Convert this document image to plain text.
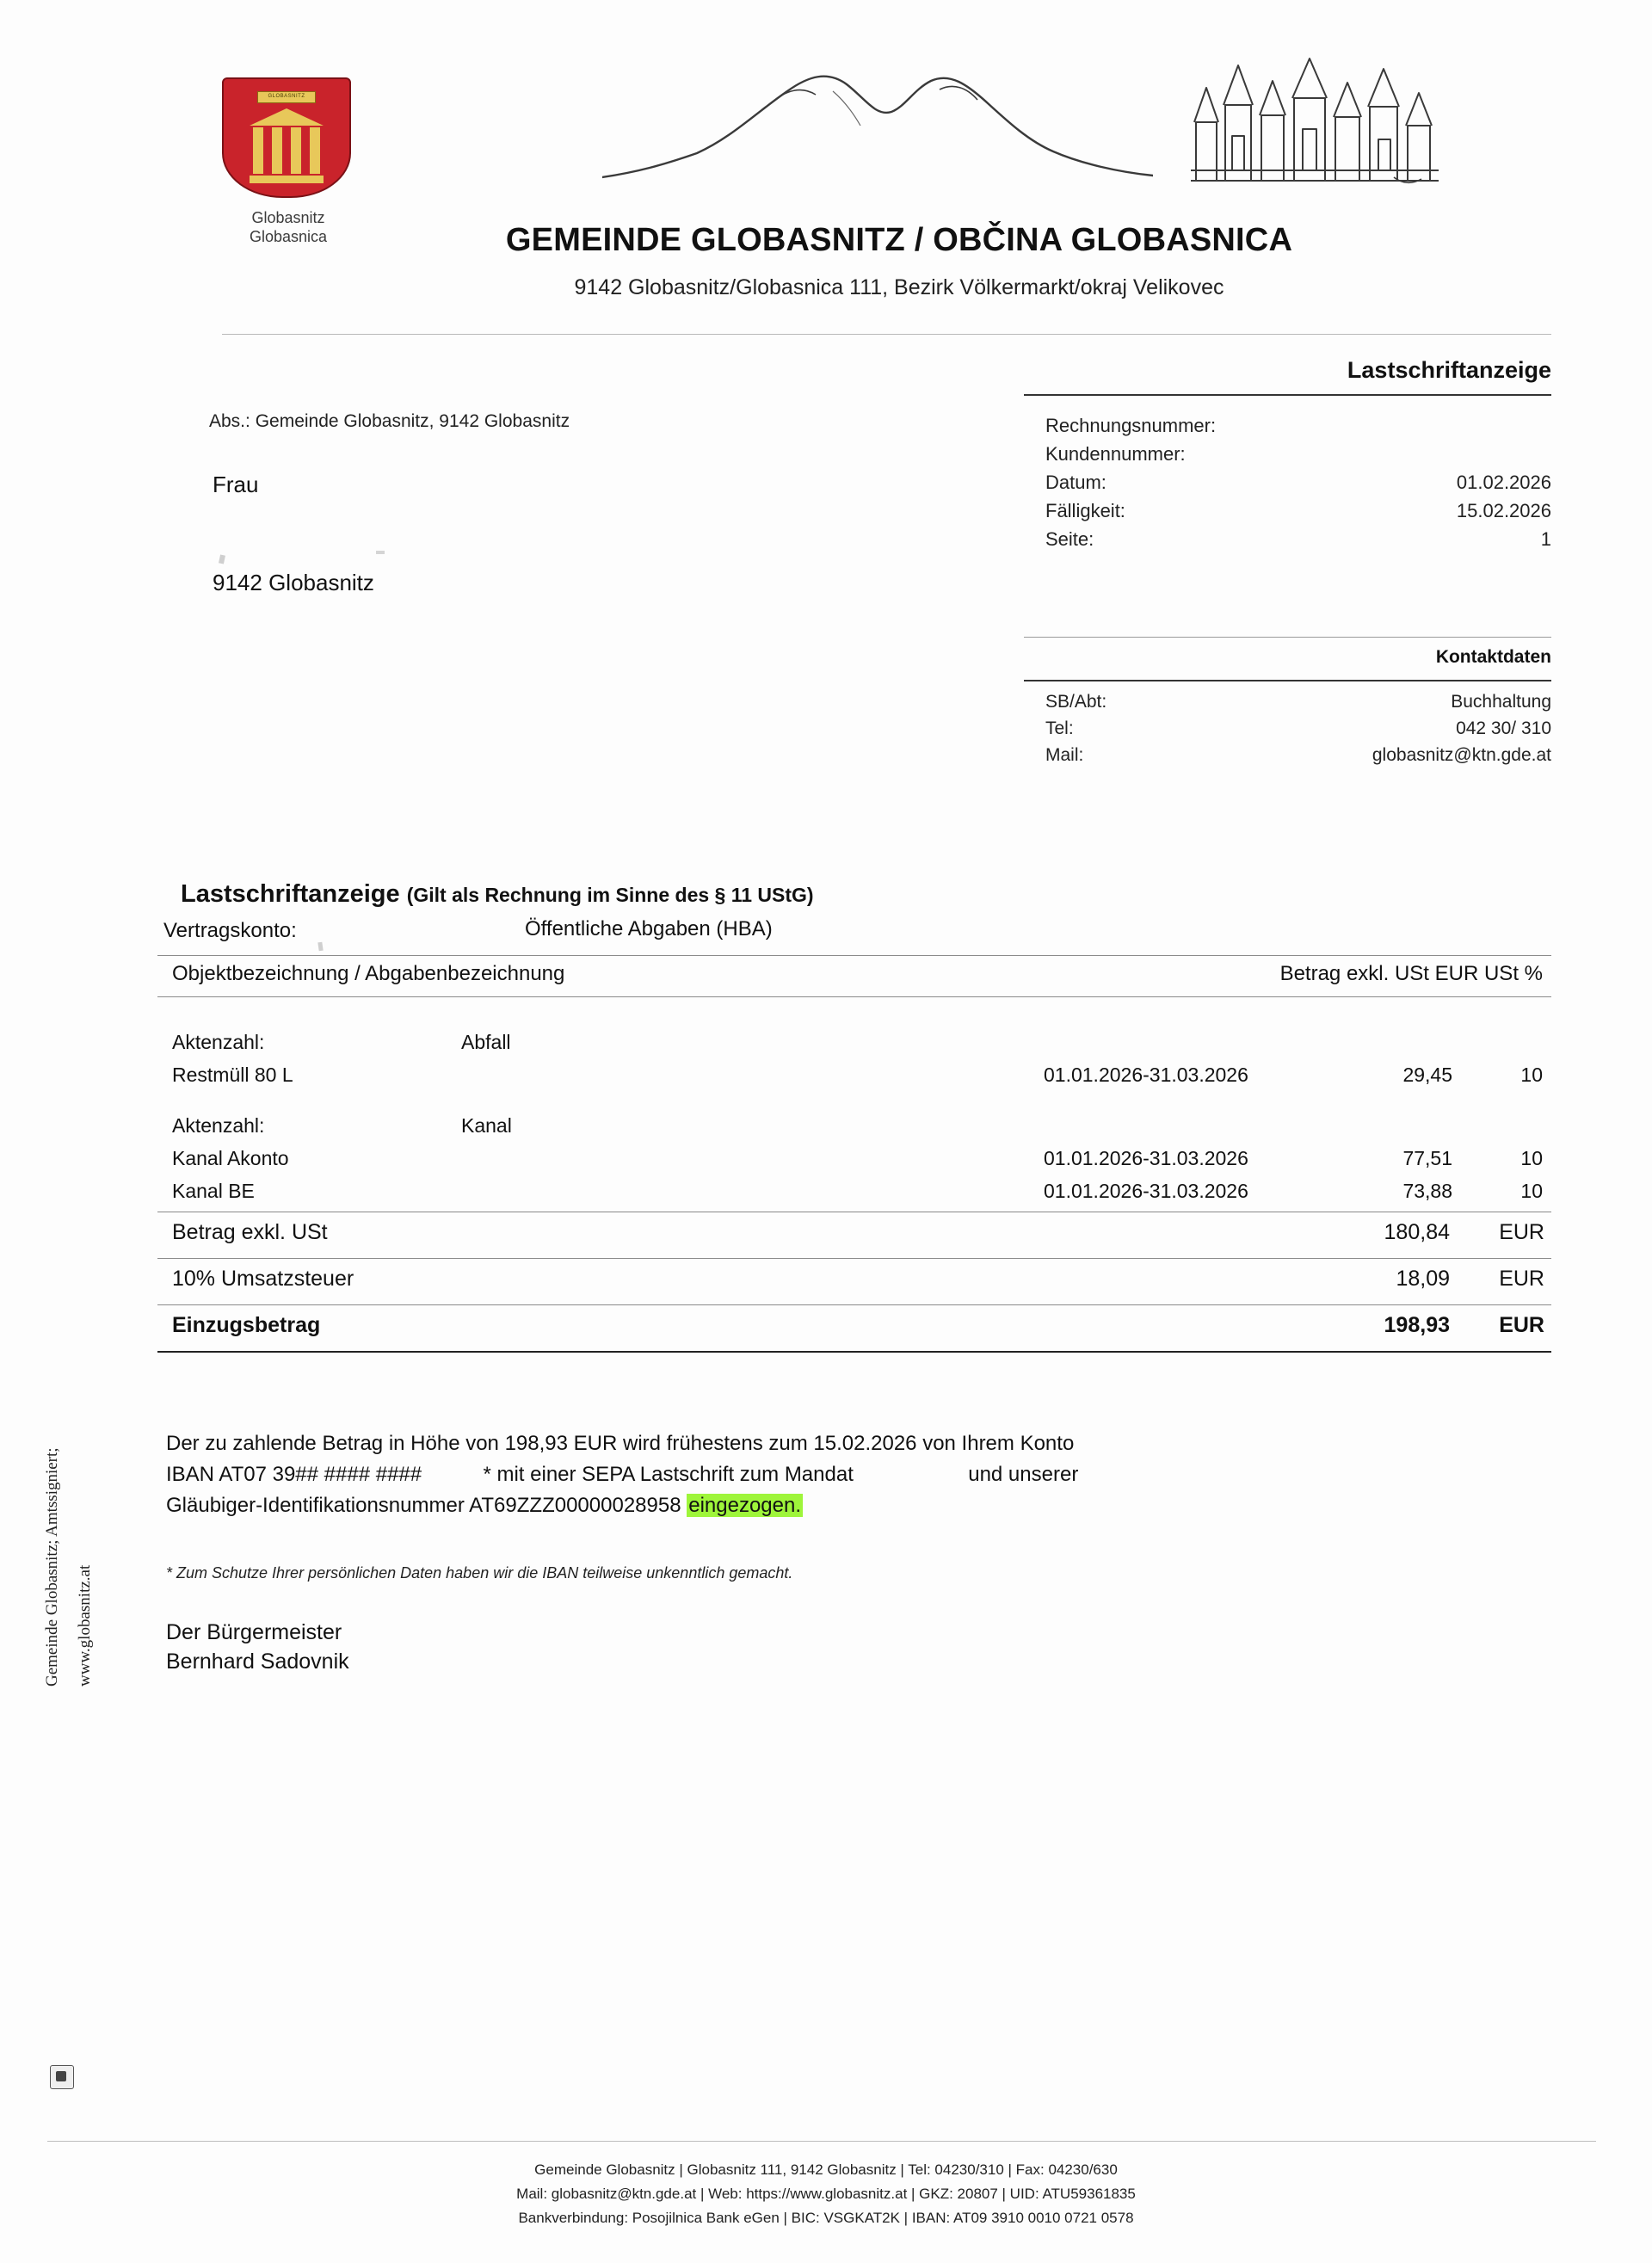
GLOBASNITZ
Globasnitz
Globasnica	GEMEINDE GLOBASNITZ / OBČINA GLOBASNICA
9142 Globasnitz/Globasnica 111, Bezirk Völkermarkt/okraj Velikovec
Lastschriftanzeige
Abs.: Gemeinde Globasnitz, 9142 Globasnitz
Frau
9142 Globasnitz
Rechnungsnummer:
Kundennummer:
Datum:	01.02.2026
Fälligkeit:	15.02.2026
Seite:	1
Kontaktdaten
SB/Abt:	Buchhaltung
Tel:	042 30/ 310
Mail:	globasnitz@ktn.gde.at
Lastschriftanzeige (Gilt als Rechnung im Sinne des § 11 UStG)
Vertragskonto:	Öffentliche Abgaben (HBA)
Objektbezeichnung / Abgabenbezeichnung	Betrag exkl. USt EUR USt %
Aktenzahl:	Abfall
Restmüll 80 L	01.01.2026-31.03.2026	29,45	10
Aktenzahl:	Kanal
Kanal Akonto	01.01.2026-31.03.2026	77,51	10
Kanal BE	01.01.2026-31.03.2026	73,88	10
Betrag exkl. USt	180,84	EUR
10% Umsatzsteuer	18,09	EUR
Einzugsbetrag	198,93	EUR
Der zu zahlende Betrag in Höhe von 198,93 EUR wird frühestens zum 15.02.2026 von Ihrem Konto
IBAN AT07 39## #### ####	* mit einer SEPA Lastschrift zum Mandat	und unserer
Gläubiger-Identifikationsnummer AT69ZZZ00000028958 eingezogen.
* Zum Schutze Ihrer persönlichen Daten haben wir die IBAN teilweise unkenntlich gemacht.
Der Bürgermeister
Bernhard Sadovnik
Gemeinde Globasnitz; Amtssigniert; www.globasnitz.at
Gemeinde Globasnitz | Globasnitz 111, 9142 Globasnitz | Tel: 04230/310 | Fax: 04230/630
Mail: globasnitz@ktn.gde.at | Web: https://www.globasnitz.at | GKZ: 20807 | UID: ATU59361835
Bankverbindung: Posojilnica Bank eGen | BIC: VSGKAT2K | IBAN: AT09 3910 0010 0721 0578
